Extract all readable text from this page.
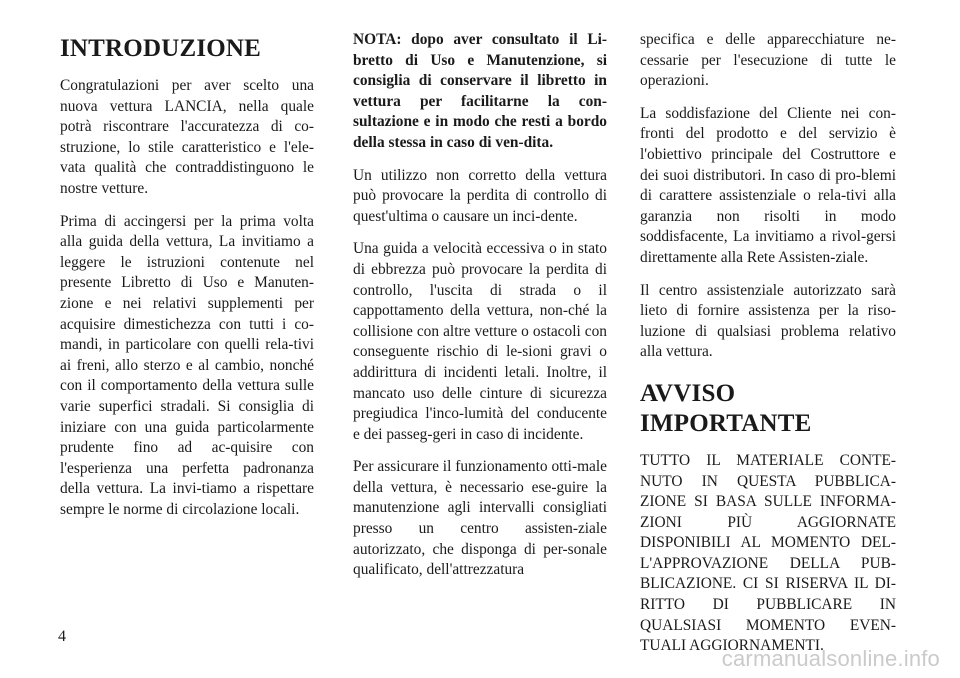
INTRODUZIONE

Congratulazioni per aver scelto una nuova vettura LANCIA, nella quale potrà riscontrare l'accuratezza di co-struzione, lo stile caratteristico e l'ele-vata qualità che contraddistinguono le nostre vetture.

Prima di accingersi per la prima volta alla guida della vettura, La invitiamo a leggere le istruzioni contenute nel presente Libretto di Uso e Manuten-zione e nei relativi supplementi per acquisire dimestichezza con tutti i co-mandi, in particolare con quelli rela-tivi ai freni, allo sterzo e al cambio, nonché con il comportamento della vettura sulle varie superfici stradali. Si consiglia di iniziare con una guida particolarmente prudente fino ad ac-quisire con l'esperienza una perfetta padronanza della vettura. La invi-tiamo a rispettare sempre le norme di circolazione locali.

NOTA: dopo aver consultato il Li-bretto di Uso e Manutenzione, si consiglia di conservare il libretto in vettura per facilitarne la con-sultazione e in modo che resti a bordo della stessa in caso di ven-dita.

Un utilizzo non corretto della vettura può provocare la perdita di controllo di quest'ultima o causare un inci-dente.

Una guida a velocità eccessiva o in stato di ebbrezza può provocare la perdita di controllo, l'uscita di strada o il cappottamento della vettura, non-ché la collisione con altre vetture o ostacoli con conseguente rischio di le-sioni gravi o addirittura di incidenti letali. Inoltre, il mancato uso delle cinture di sicurezza pregiudica l'inco-lumità del conducente e dei passeg-geri in caso di incidente.

Per assicurare il funzionamento otti-male della vettura, è necessario ese-guire la manutenzione agli intervalli consigliati presso un centro assisten-ziale autorizzato, che disponga di per-sonale qualificato, dell'attrezzatura

specifica e delle apparecchiature ne-cessarie per l'esecuzione di tutte le operazioni.

La soddisfazione del Cliente nei con-fronti del prodotto e del servizio è l'obiettivo principale del Costruttore e dei suoi distributori. In caso di pro-blemi di carattere assistenziale o rela-tivi alla garanzia non risolti in modo soddisfacente, La invitiamo a rivol-gersi direttamente alla Rete Assisten-ziale.

Il centro assistenziale autorizzato sarà lieto di fornire assistenza per la riso-luzione di qualsiasi problema relativo alla vettura.

AVVISO IMPORTANTE

TUTTO IL MATERIALE CONTE-NUTO IN QUESTA PUBBLICA-ZIONE SI BASA SULLE INFORMA-ZIONI PIÙ AGGIORNATE DISPONIBILI AL MOMENTO DEL-L'APPROVAZIONE DELLA PUB-BLICAZIONE. CI SI RISERVA IL DI-RITTO DI PUBBLICARE IN QUALSIASI MOMENTO EVEN-TUALI AGGIORNAMENTI.

4
carmanualsonline.info
